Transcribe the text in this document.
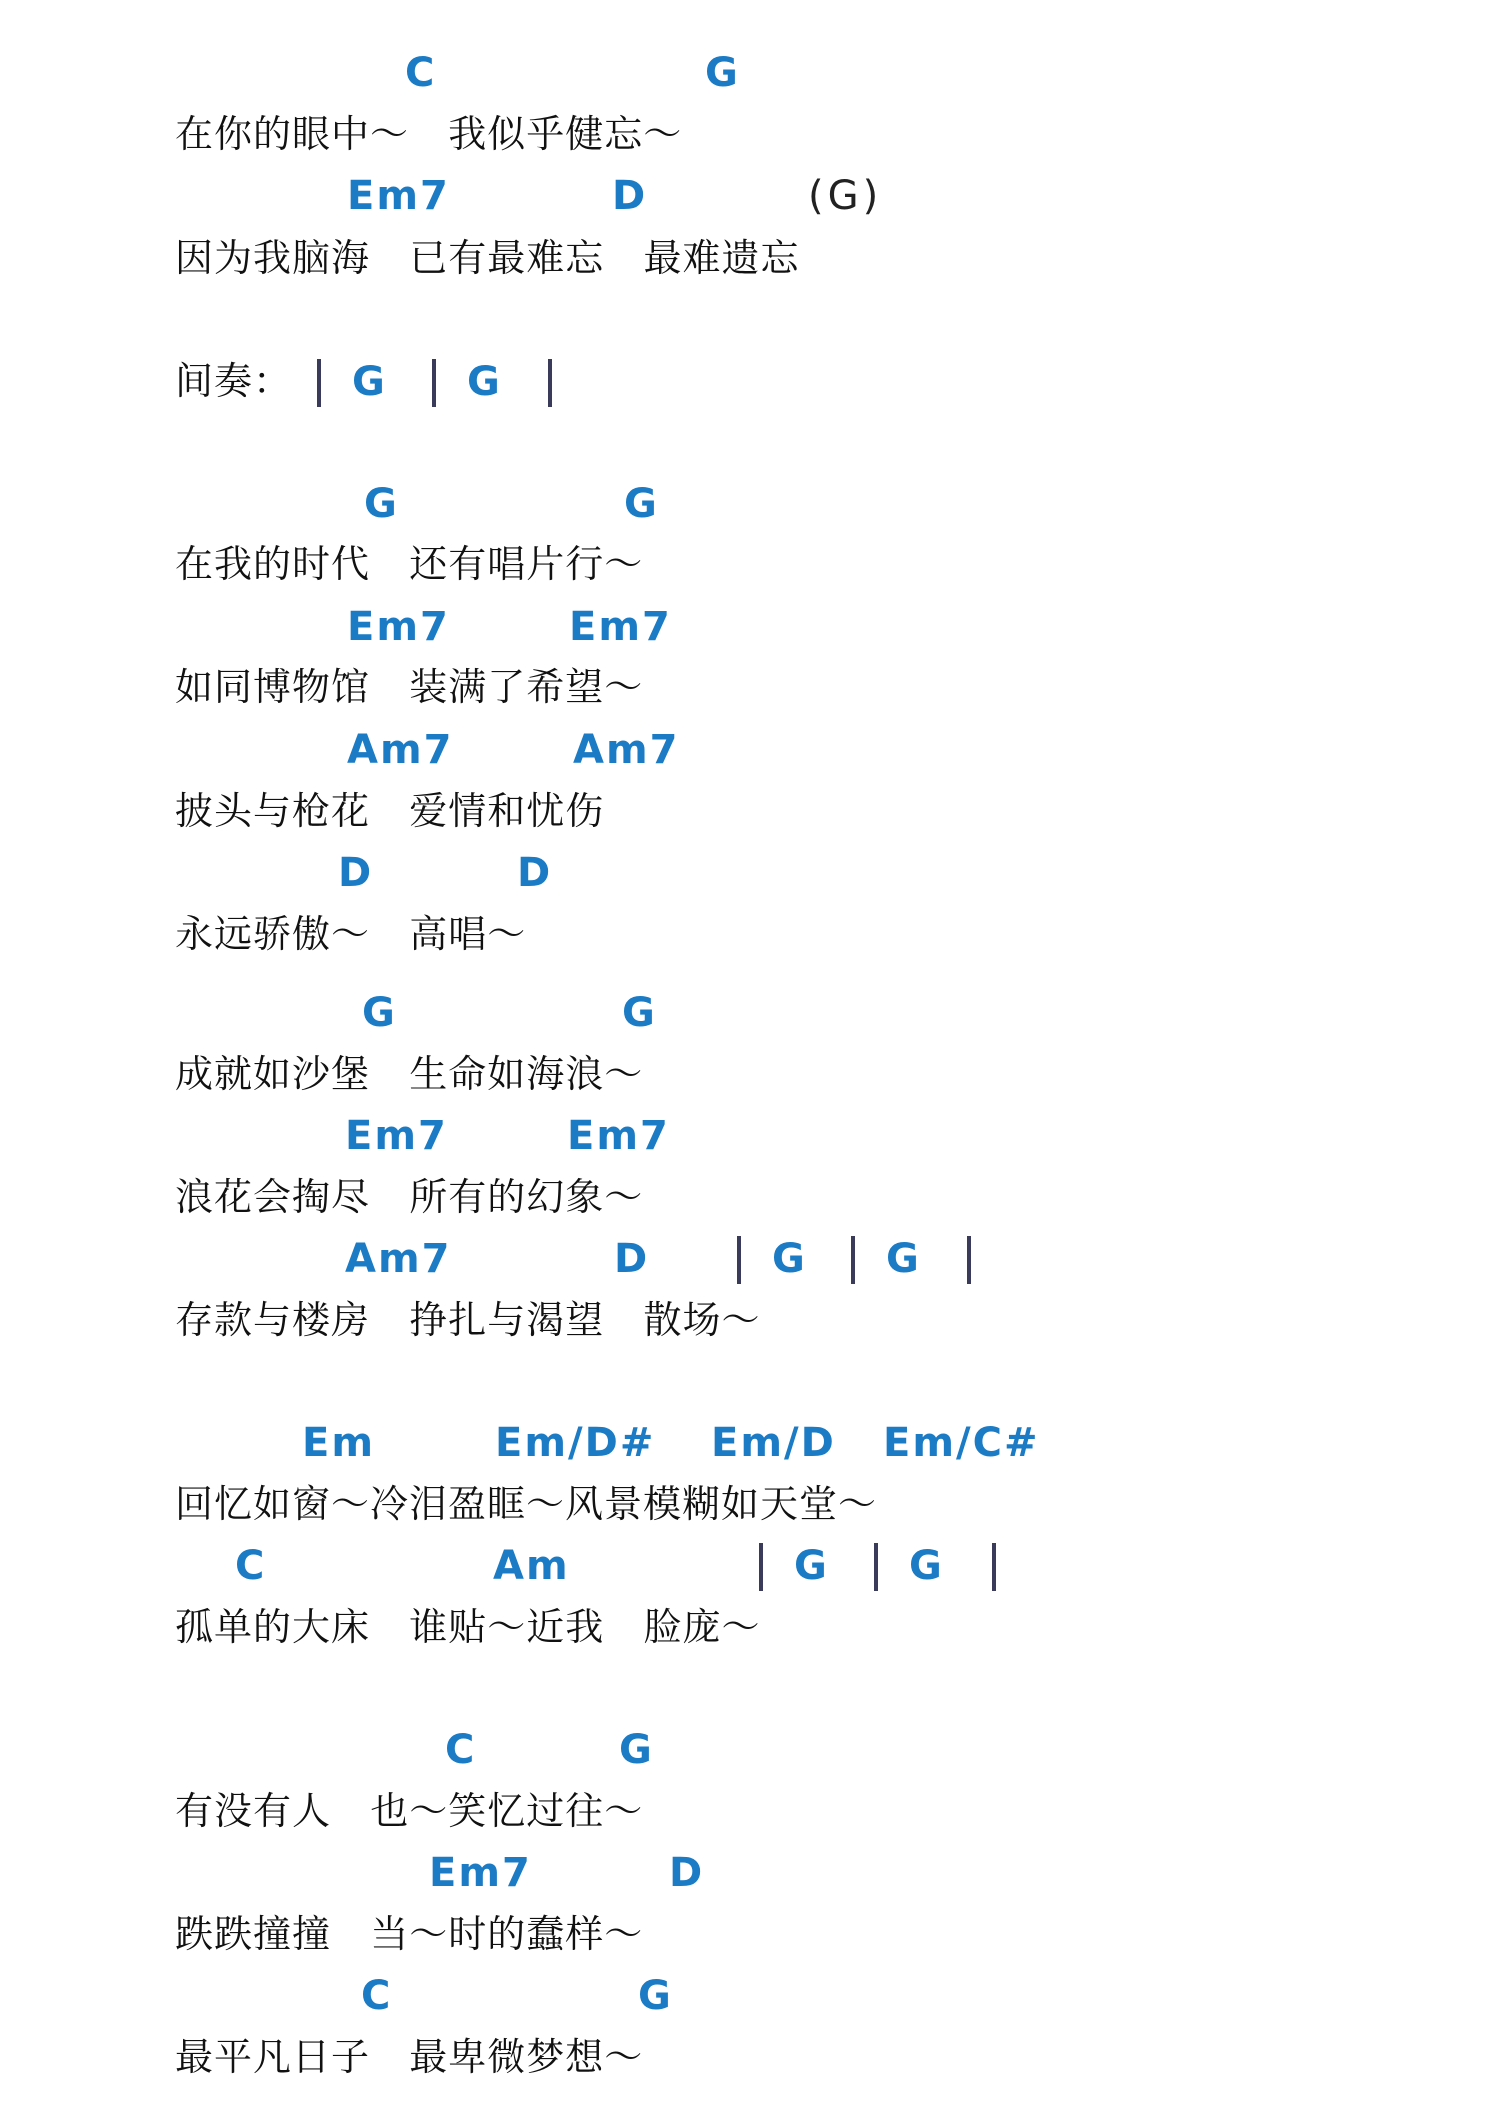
C	G
在你的眼中～   我似乎健忘～
Em7	D	(G)
因为我脑海   已有最难忘   最难遗忘
间奏： G G
G	G
在我的时代   还有唱片行～
Em7	Em7
如同博物馆   装满了希望～
Am7	Am7
披头与枪花   爱情和忧伤
D	D
永远骄傲～   高唱～
G	G
成就如沙堡   生命如海浪～
Em7	Em7
浪花会掏尽   所有的幻象～
Am7	D	G G
存款与楼房   挣扎与渴望   散场～
Em	Em/D# Em/D Em/C#
回忆如窗～冷泪盈眶～风景模糊如天堂～
C	Am	G G
孤单的大床   谁贴～近我   脸庞～
C	G
有没有人   也～笑忆过往～
Em7	D
跌跌撞撞   当～时的蠢样～
C	G
最平凡日子   最卑微梦想～
